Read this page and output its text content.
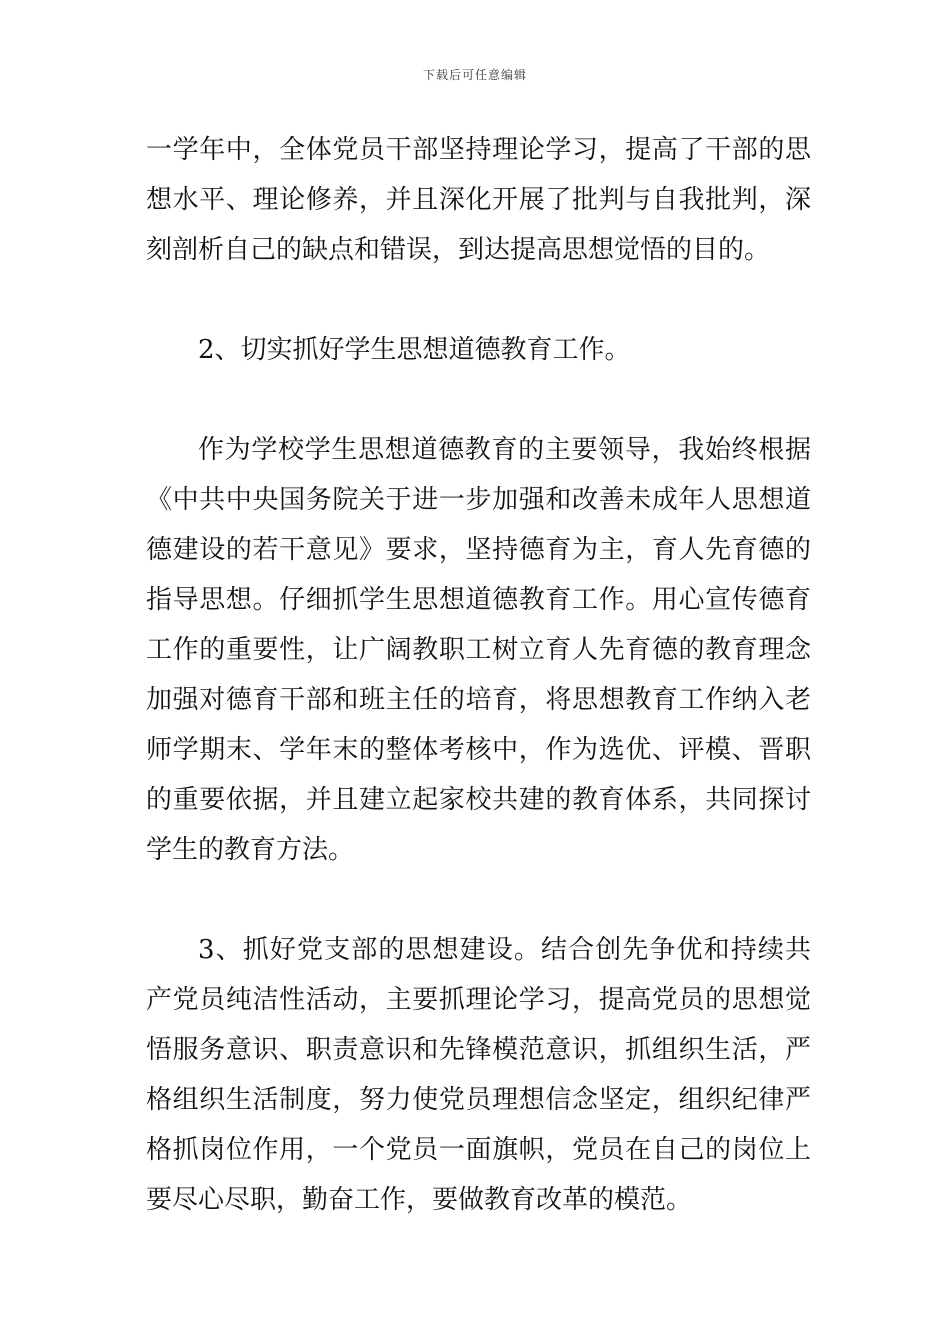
下载后可任意编辑

一学年中，全体党员干部坚持理论学习，提高了干部的思想水平、理论修养，并且深化开展了批判与自我批判，深刻剖析自己的缺点和错误，到达提高思想觉悟的目的。

2、切实抓好学生思想道德教育工作。

作为学校学生思想道德教育的主要领导，我始终根据《中共中央国务院关于进一步加强和改善未成年人思想道德建设的若干意见》要求，坚持德育为主，育人先育德的指导思想。仔细抓学生思想道德教育工作。用心宣传德育工作的重要性，让广阔教职工树立育人先育德的教育理念加强对德育干部和班主任的培育，将思想教育工作纳入老师学期末、学年末的整体考核中，作为选优、评模、晋职的重要依据，并且建立起家校共建的教育体系，共同探讨学生的教育方法。

3、抓好党支部的思想建设。结合创先争优和持续共产党员纯洁性活动，主要抓理论学习，提高党员的思想觉悟服务意识、职责意识和先锋模范意识，抓组织生活，严格组织生活制度，努力使党员理想信念坚定，组织纪律严格抓岗位作用，一个党员一面旗帜，党员在自己的岗位上要尽心尽职，勤奋工作，要做教育改革的模范。
